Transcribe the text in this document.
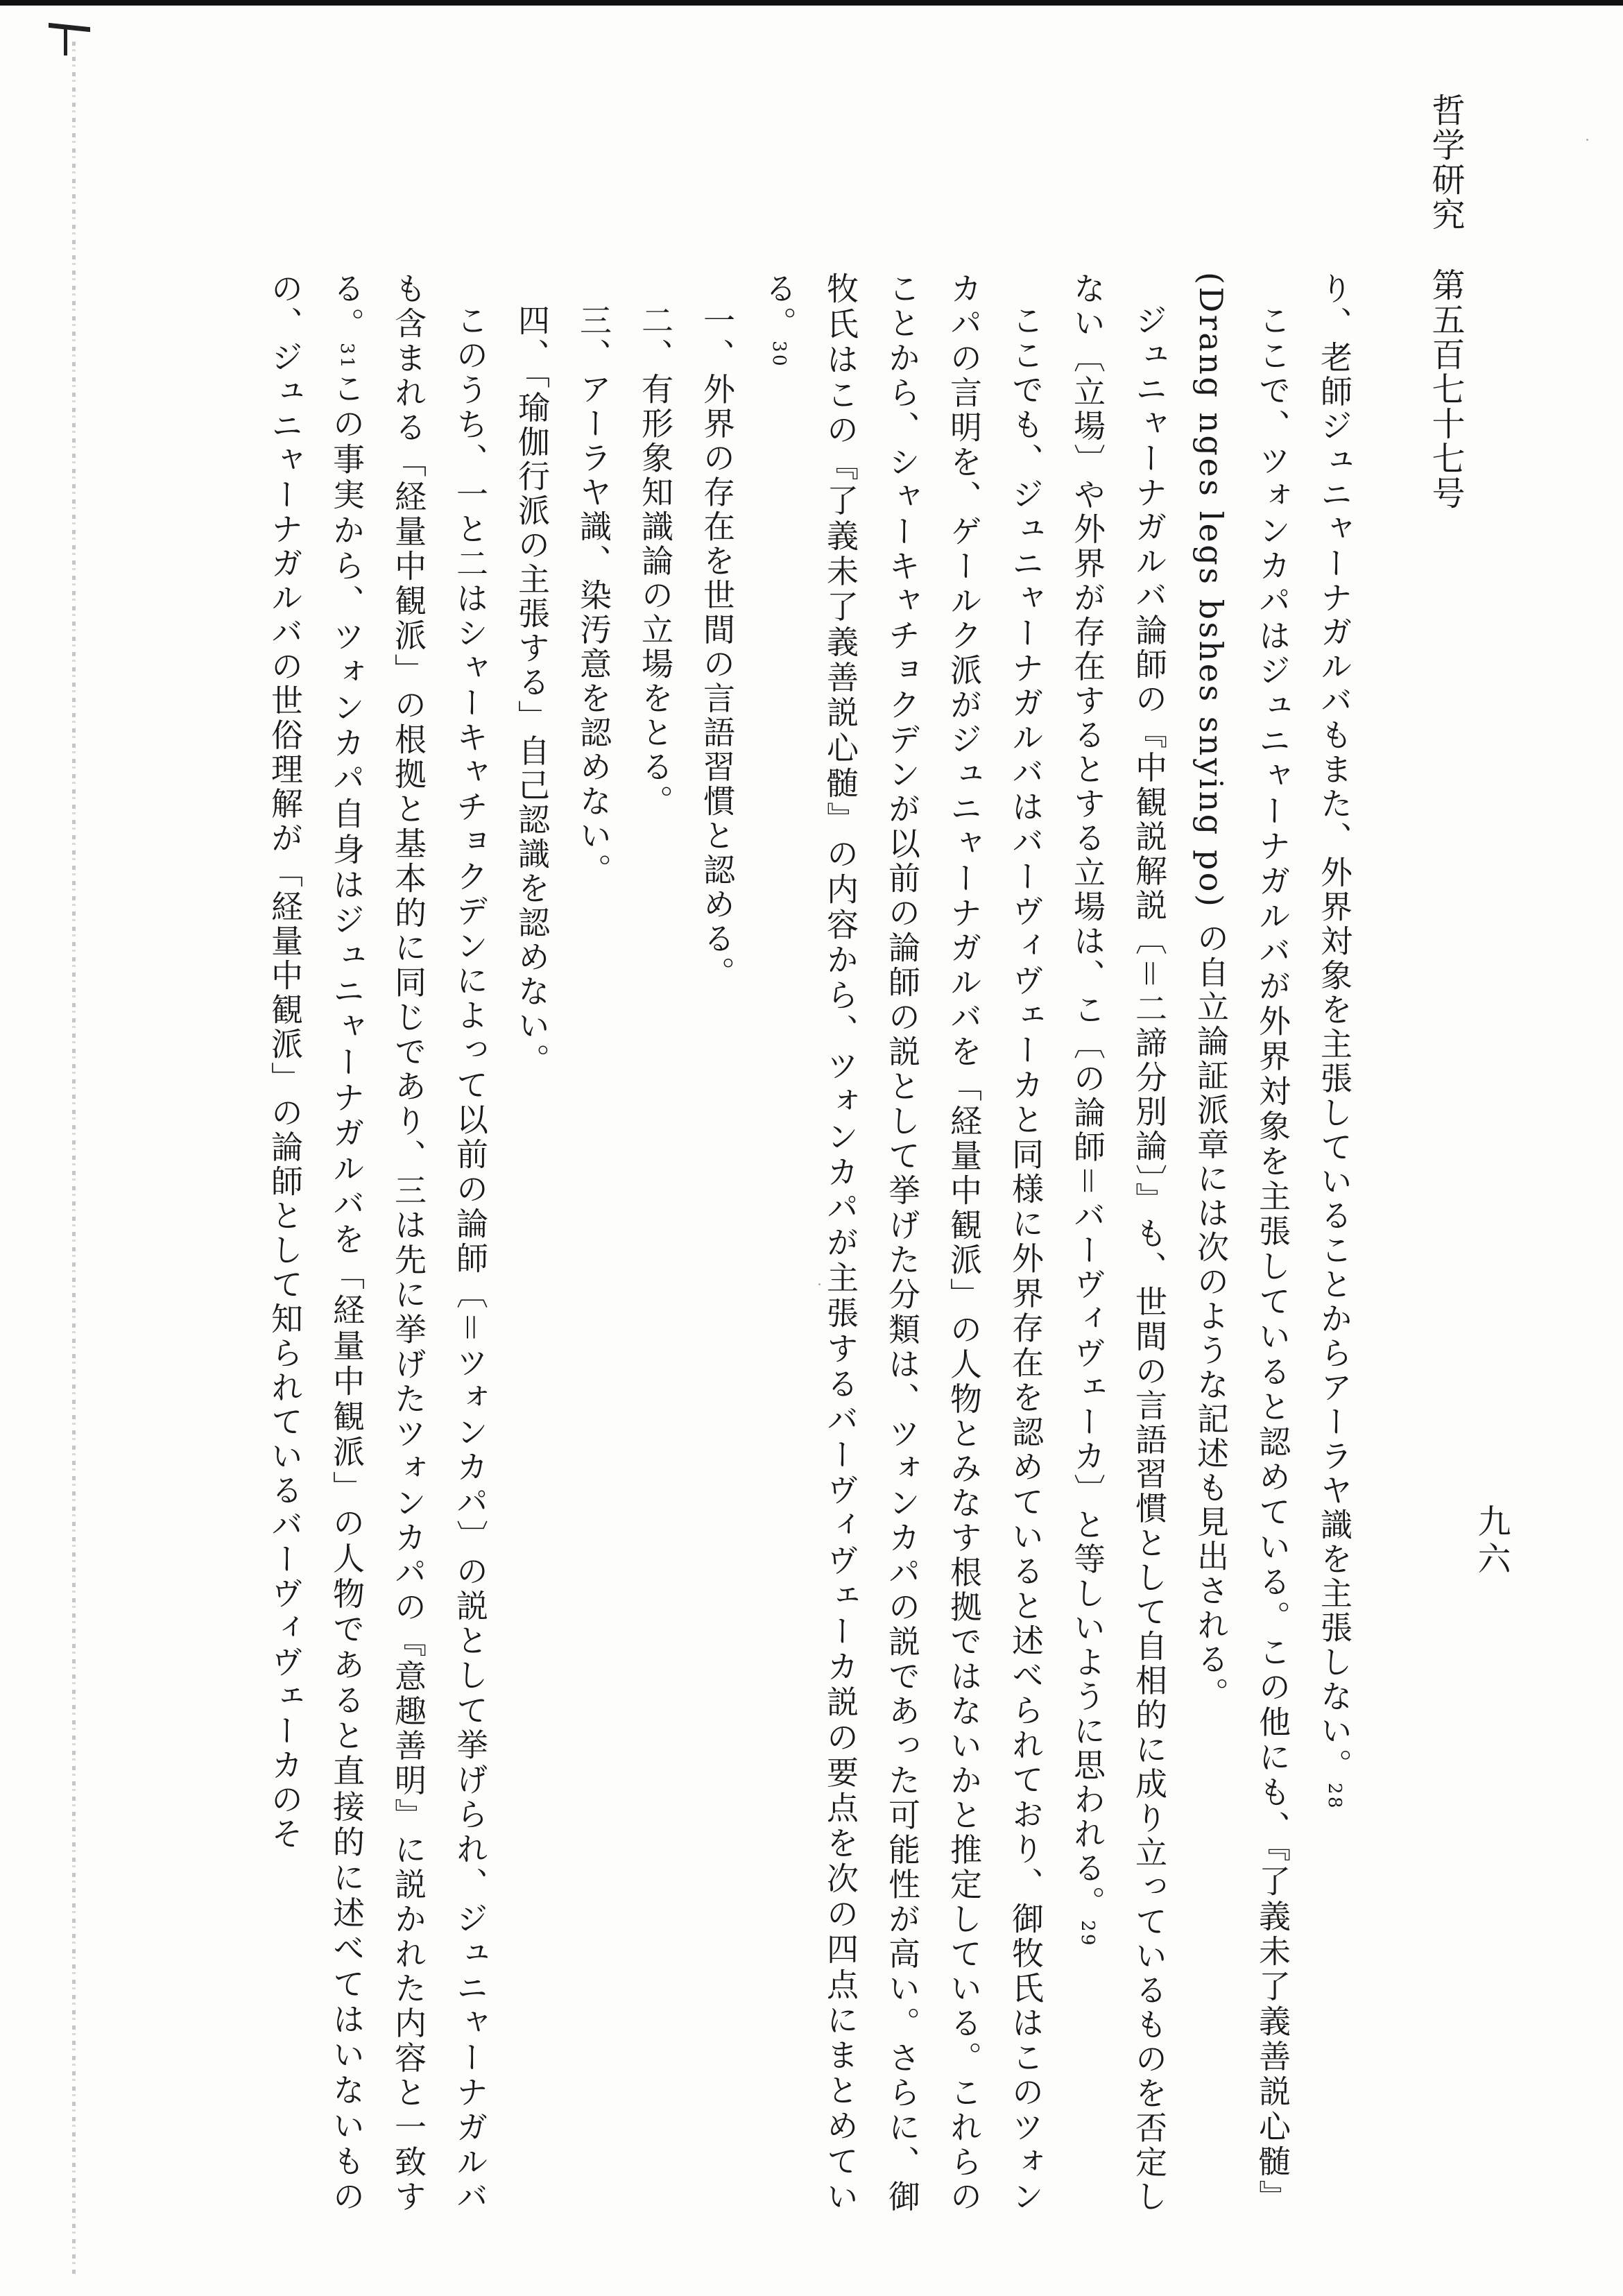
哲学研究第五百七十七号
九六

り、老師ジュニャーナガルバもまた、外界対象を主張していることからアーラヤ識を主張しない。28

ここで、ツォンカパはジュニャーナガルバが外界対象を主張していると認めている。この他にも、『了義未了義善説心髄』(Drang nges legs bshes snying po) の自立論証派章には次のような記述も見出される。

ジュニャーナガルバ論師の『中観説解説〔＝二諦分別論〕』も、世間の言語習慣として自相的に成り立っているものを否定しない〔立場〕や外界が存在するとする立場は、こ〔の論師＝バーヴィヴェーカ〕と等しいように思われる。29

ここでも、ジュニャーナガルバはバーヴィヴェーカと同様に外界存在を認めていると述べられており、御牧氏はこのツォンカパの言明を、ゲールク派がジュニャーナガルバを「経量中観派」の人物とみなす根拠ではないかと推定している。これらのことから、シャーキャチョクデンが以前の論師の説として挙げた分類は、ツォンカパの説であった可能性が高い。さらに、御牧氏はこの『了義未了義善説心髄』の内容から、ツォンカパが主張するバーヴィヴェーカ説の要点を次の四点にまとめている。30

一、外界の存在を世間の言語習慣と認める。

二、有形象知識論の立場をとる。

三、アーラヤ識、染汚意を認めない。

四、「瑜伽行派の主張する」自己認識を認めない。

このうち、一と二はシャーキャチョクデンによって以前の論師〔＝ツォンカパ〕の説として挙げられ、ジュニャーナガルバも含まれる「経量中観派」の根拠と基本的に同じであり、三は先に挙げたツォンカパの『意趣善明』に説かれた内容と一致する。31この事実から、ツォンカパ自身はジュニャーナガルバを「経量中観派」の人物であると直接的に述べてはいないものの、ジュニャーナガルバの世俗理解が「経量中観派」の論師として知られているバーヴィヴェーカのそ
